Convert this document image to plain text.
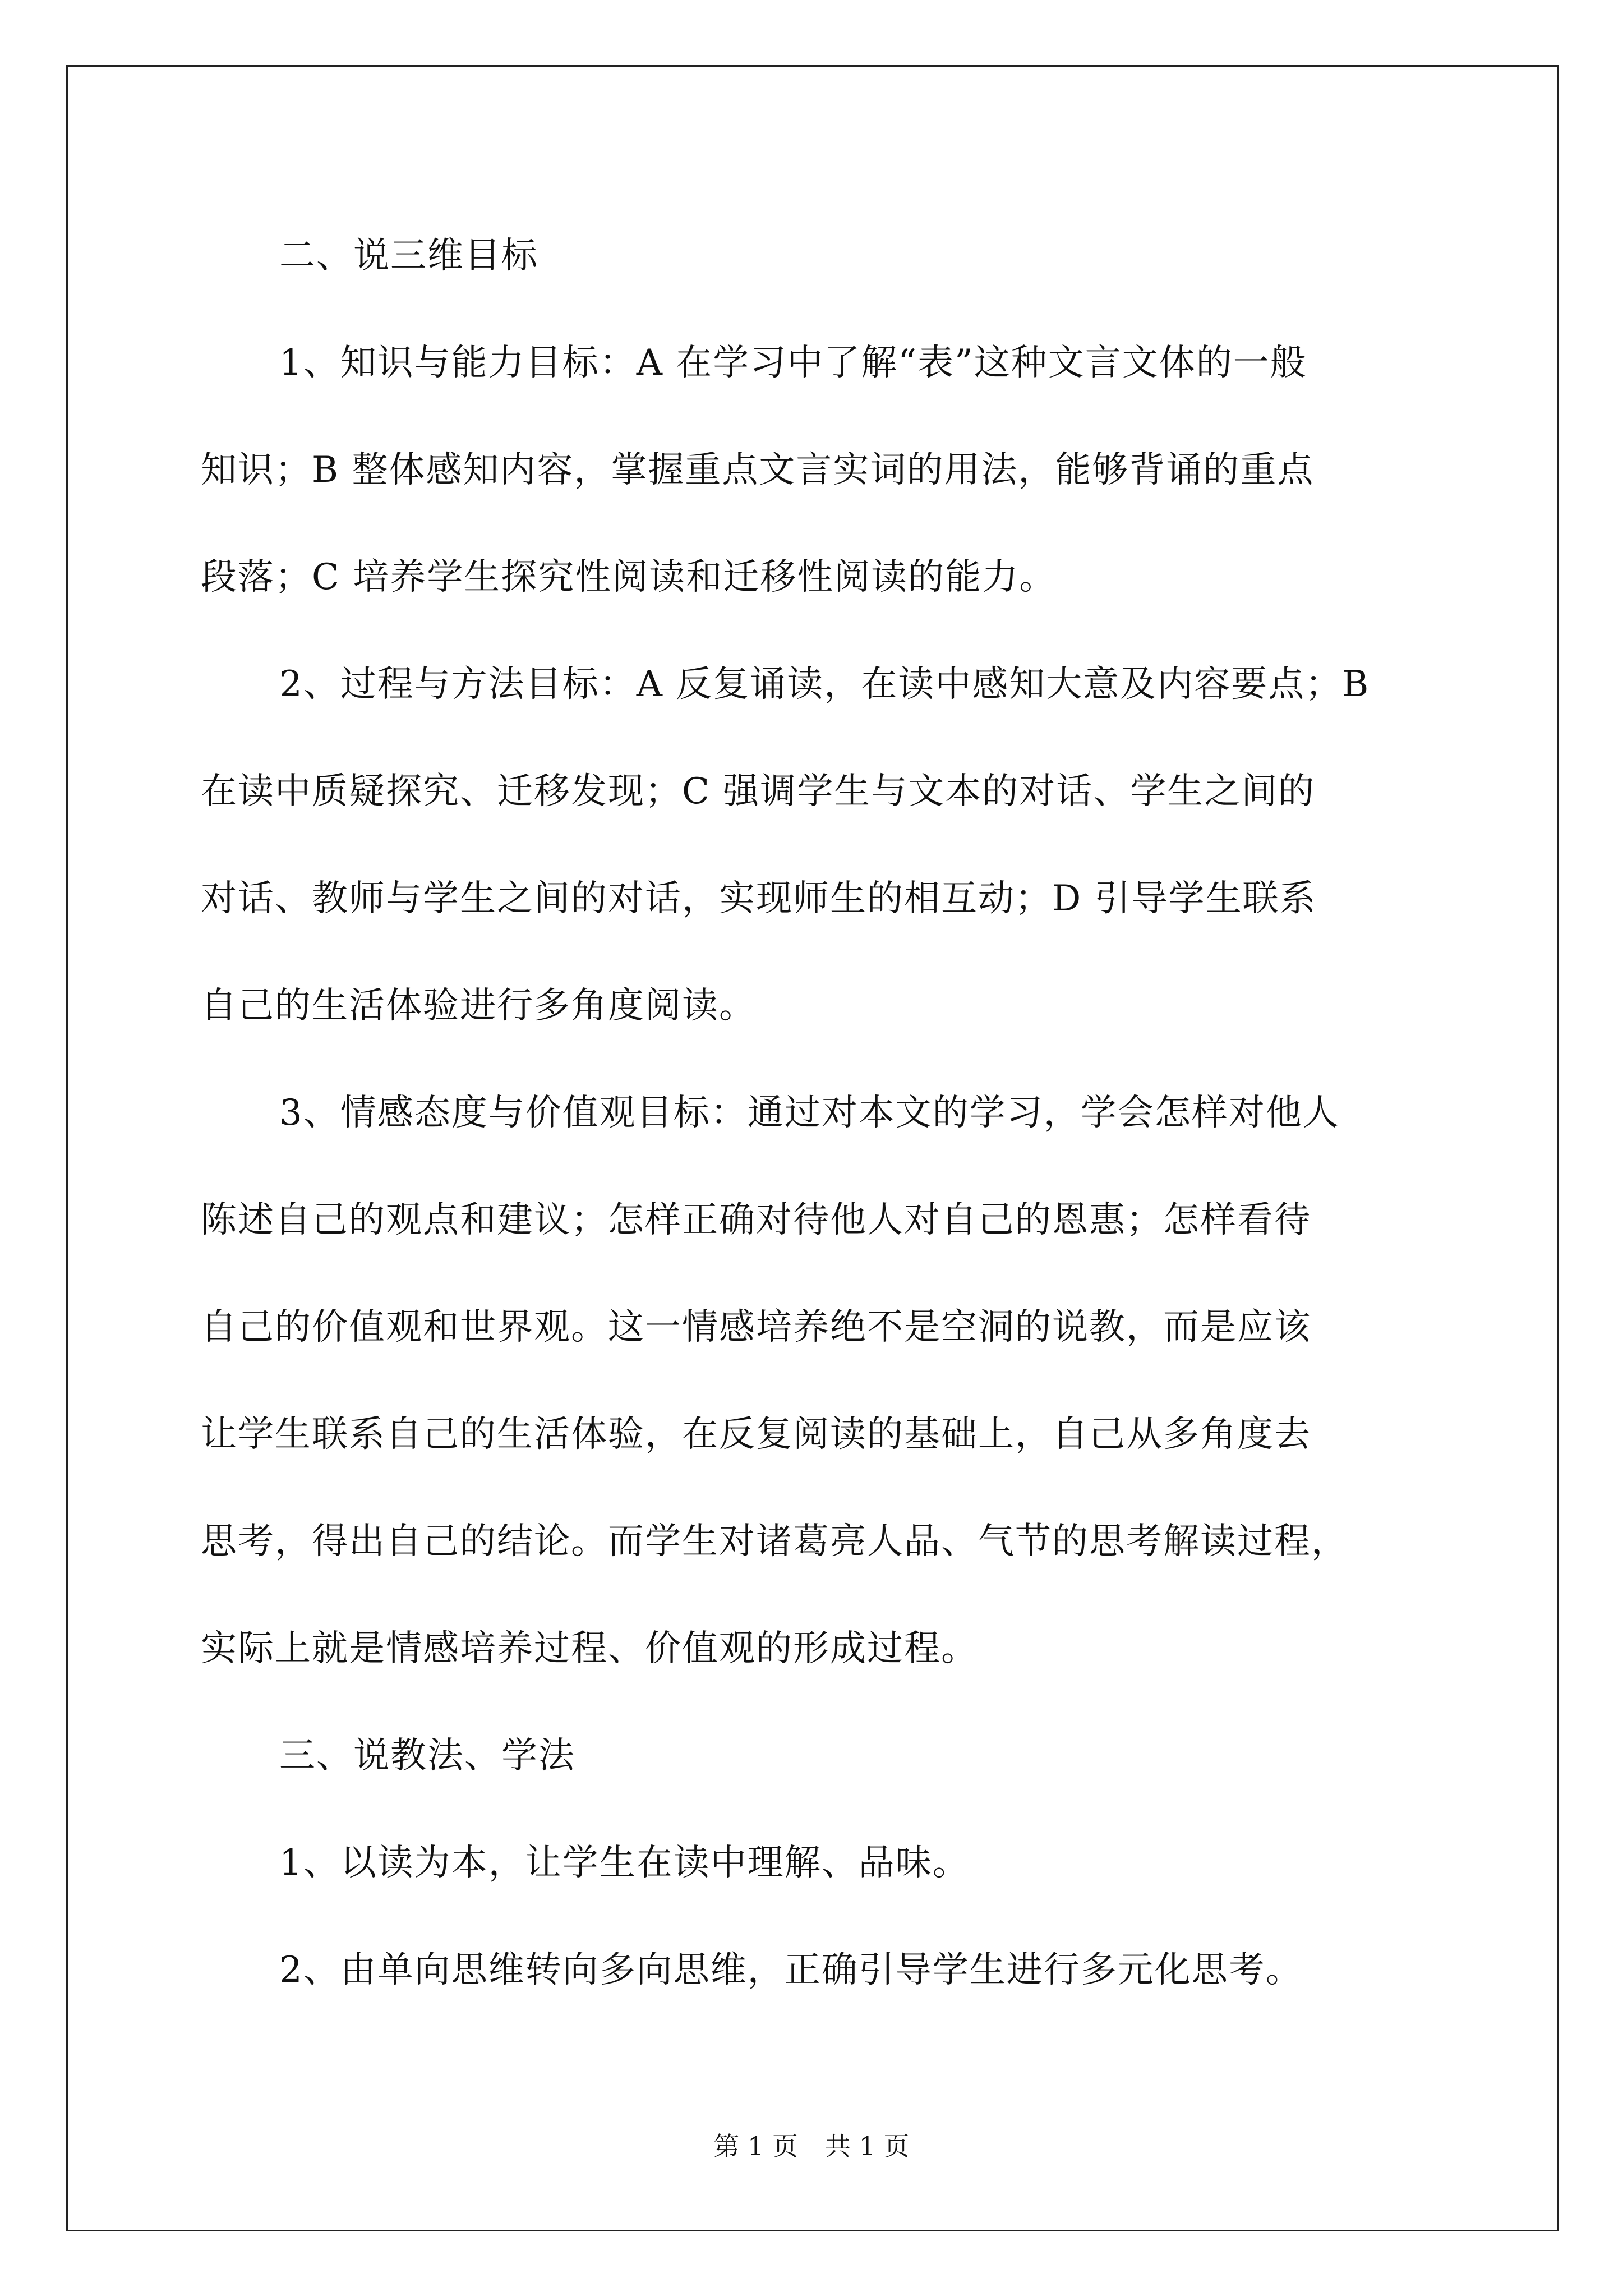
二、说三维目标
1、知识与能力目标：A 在学习中了解“表”这种文言文体的一般
知识；B 整体感知内容，掌握重点文言实词的用法，能够背诵的重点
段落；C 培养学生探究性阅读和迁移性阅读的能力。
2、过程与方法目标：A 反复诵读，在读中感知大意及内容要点；B
在读中质疑探究、迁移发现；C 强调学生与文本的对话、学生之间的
对话、教师与学生之间的对话，实现师生的相互动；D 引导学生联系
自己的生活体验进行多角度阅读。
3、情感态度与价值观目标：通过对本文的学习，学会怎样对他人
陈述自己的观点和建议；怎样正确对待他人对自己的恩惠；怎样看待
自己的价值观和世界观。这一情感培养绝不是空洞的说教，而是应该
让学生联系自己的生活体验，在反复阅读的基础上，自己从多角度去
思考，得出自己的结论。而学生对诸葛亮人品、气节的思考解读过程，
实际上就是情感培养过程、价值观的形成过程。
三、说教法、学法
1、以读为本，让学生在读中理解、品味。
2、由单向思维转向多向思维，正确引导学生进行多元化思考。
第 1 页 共 1 页
